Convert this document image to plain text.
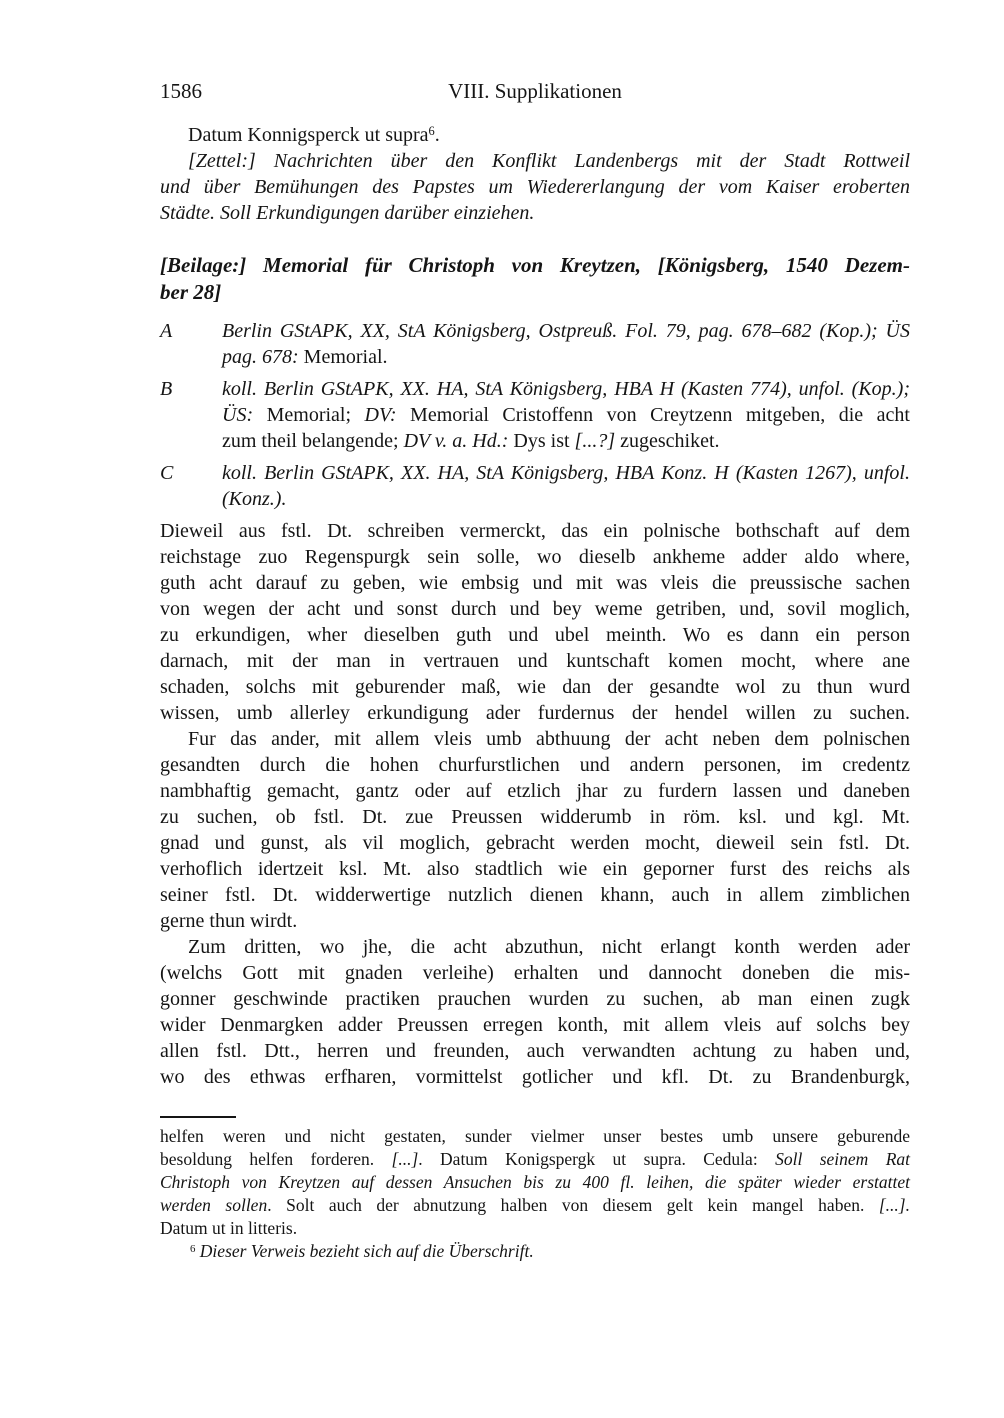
1586	VIII. Supplikationen
Datum Konnigsperck ut supra$^6$.
[Zettel:] Nachrichten über den Konflikt Landenbergs mit der Stadt Rottweil
und über Bemühungen des Papstes um Wiedererlangung der vom Kaiser eroberten
Städte. Soll Erkundigungen darüber einziehen.
[Beilage:] Memorial für Christoph von Kreytzen, [Königsberg, 1540 Dezem-
ber 28]
A Berlin GStAPK, XX, StA Königsberg, Ostpreuß. Fol. 79, pag. 678–682 (Kop.); ÜS
pag. 678: Memorial.
B koll. Berlin GStAPK, XX. HA, StA Königsberg, HBA H (Kasten 774), unfol. (Kop.);
ÜS: Memorial; DV: Memorial Cristoffenn von Creytzenn mitgeben, die acht
zum theil belangende; DV v. a. Hd.: Dys ist [...?] zugeschiket.
C koll. Berlin GStAPK, XX. HA, StA Königsberg, HBA Konz. H (Kasten 1267), unfol.
(Konz.).
Dieweil aus fstl. Dt. schreiben vermerckt, das ein polnische bothschaft auf dem
reichstage zuo Regenspurgk sein solle, wo dieselb ankheme adder aldo where,
guth acht darauf zu geben, wie embsig und mit was vleis die preussische sachen
von wegen der acht und sonst durch und bey weme getriben, und, sovil moglich,
zu erkundigen, wher dieselben guth und ubel meinth. Wo es dann ein person
darnach, mit der man in vertrauen und kuntschaft komen mocht, where ane
schaden, solchs mit geburender maß, wie dan der gesandte wol zu thun wurd
wissen, umb allerley erkundigung ader furdernus der hendel willen zu suchen.
Fur das ander, mit allem vleis umb abthuung der acht neben dem polnischen
gesandten durch die hohen churfurstlichen und andern personen, im credentz
nambhaftig gemacht, gantz oder auf etzlich jhar zu furdern lassen und daneben
zu suchen, ob fstl. Dt. zue Preussen widderumb in röm. ksl. und kgl. Mt.
gnad und gunst, als vil moglich, gebracht werden mocht, dieweil sein fstl. Dt.
verhoflich idertzeit ksl. Mt. also stadtlich wie ein geporner furst des reichs als
seiner fstl. Dt. widderwertige nutzlich dienen khann, auch in allem zimblichen
gerne thun wirdt.
Zum dritten, wo jhe, die acht abzuthun, nicht erlangt konth werden ader
(welchs Gott mit gnaden verleihe) erhalten und dannocht doneben die mis-
gonner geschwinde practiken prauchen wurden zu suchen, ab man einen zugk
wider Denmargken adder Preussen erregen konth, mit allem vleis auf solchs bey
allen fstl. Dtt., herren und freunden, auch verwandten achtung zu haben und,
wo des ethwas erfharen, vormittelst gotlicher und kfl. Dt. zu Brandenburgk,
helfen weren und nicht gestaten, sunder vielmer unser bestes umb unsere geburende
besoldung helfen forderen. [...]. Datum Konigspergk ut supra. Cedula: Soll seinem Rat
Christoph von Kreytzen auf dessen Ansuchen bis zu 400 fl. leihen, die später wieder erstattet
werden sollen. Solt auch der abnutzung halben von diesem gelt kein mangel haben. [...].
Datum ut in litteris.
$^6$ Dieser Verweis bezieht sich auf die Überschrift.
